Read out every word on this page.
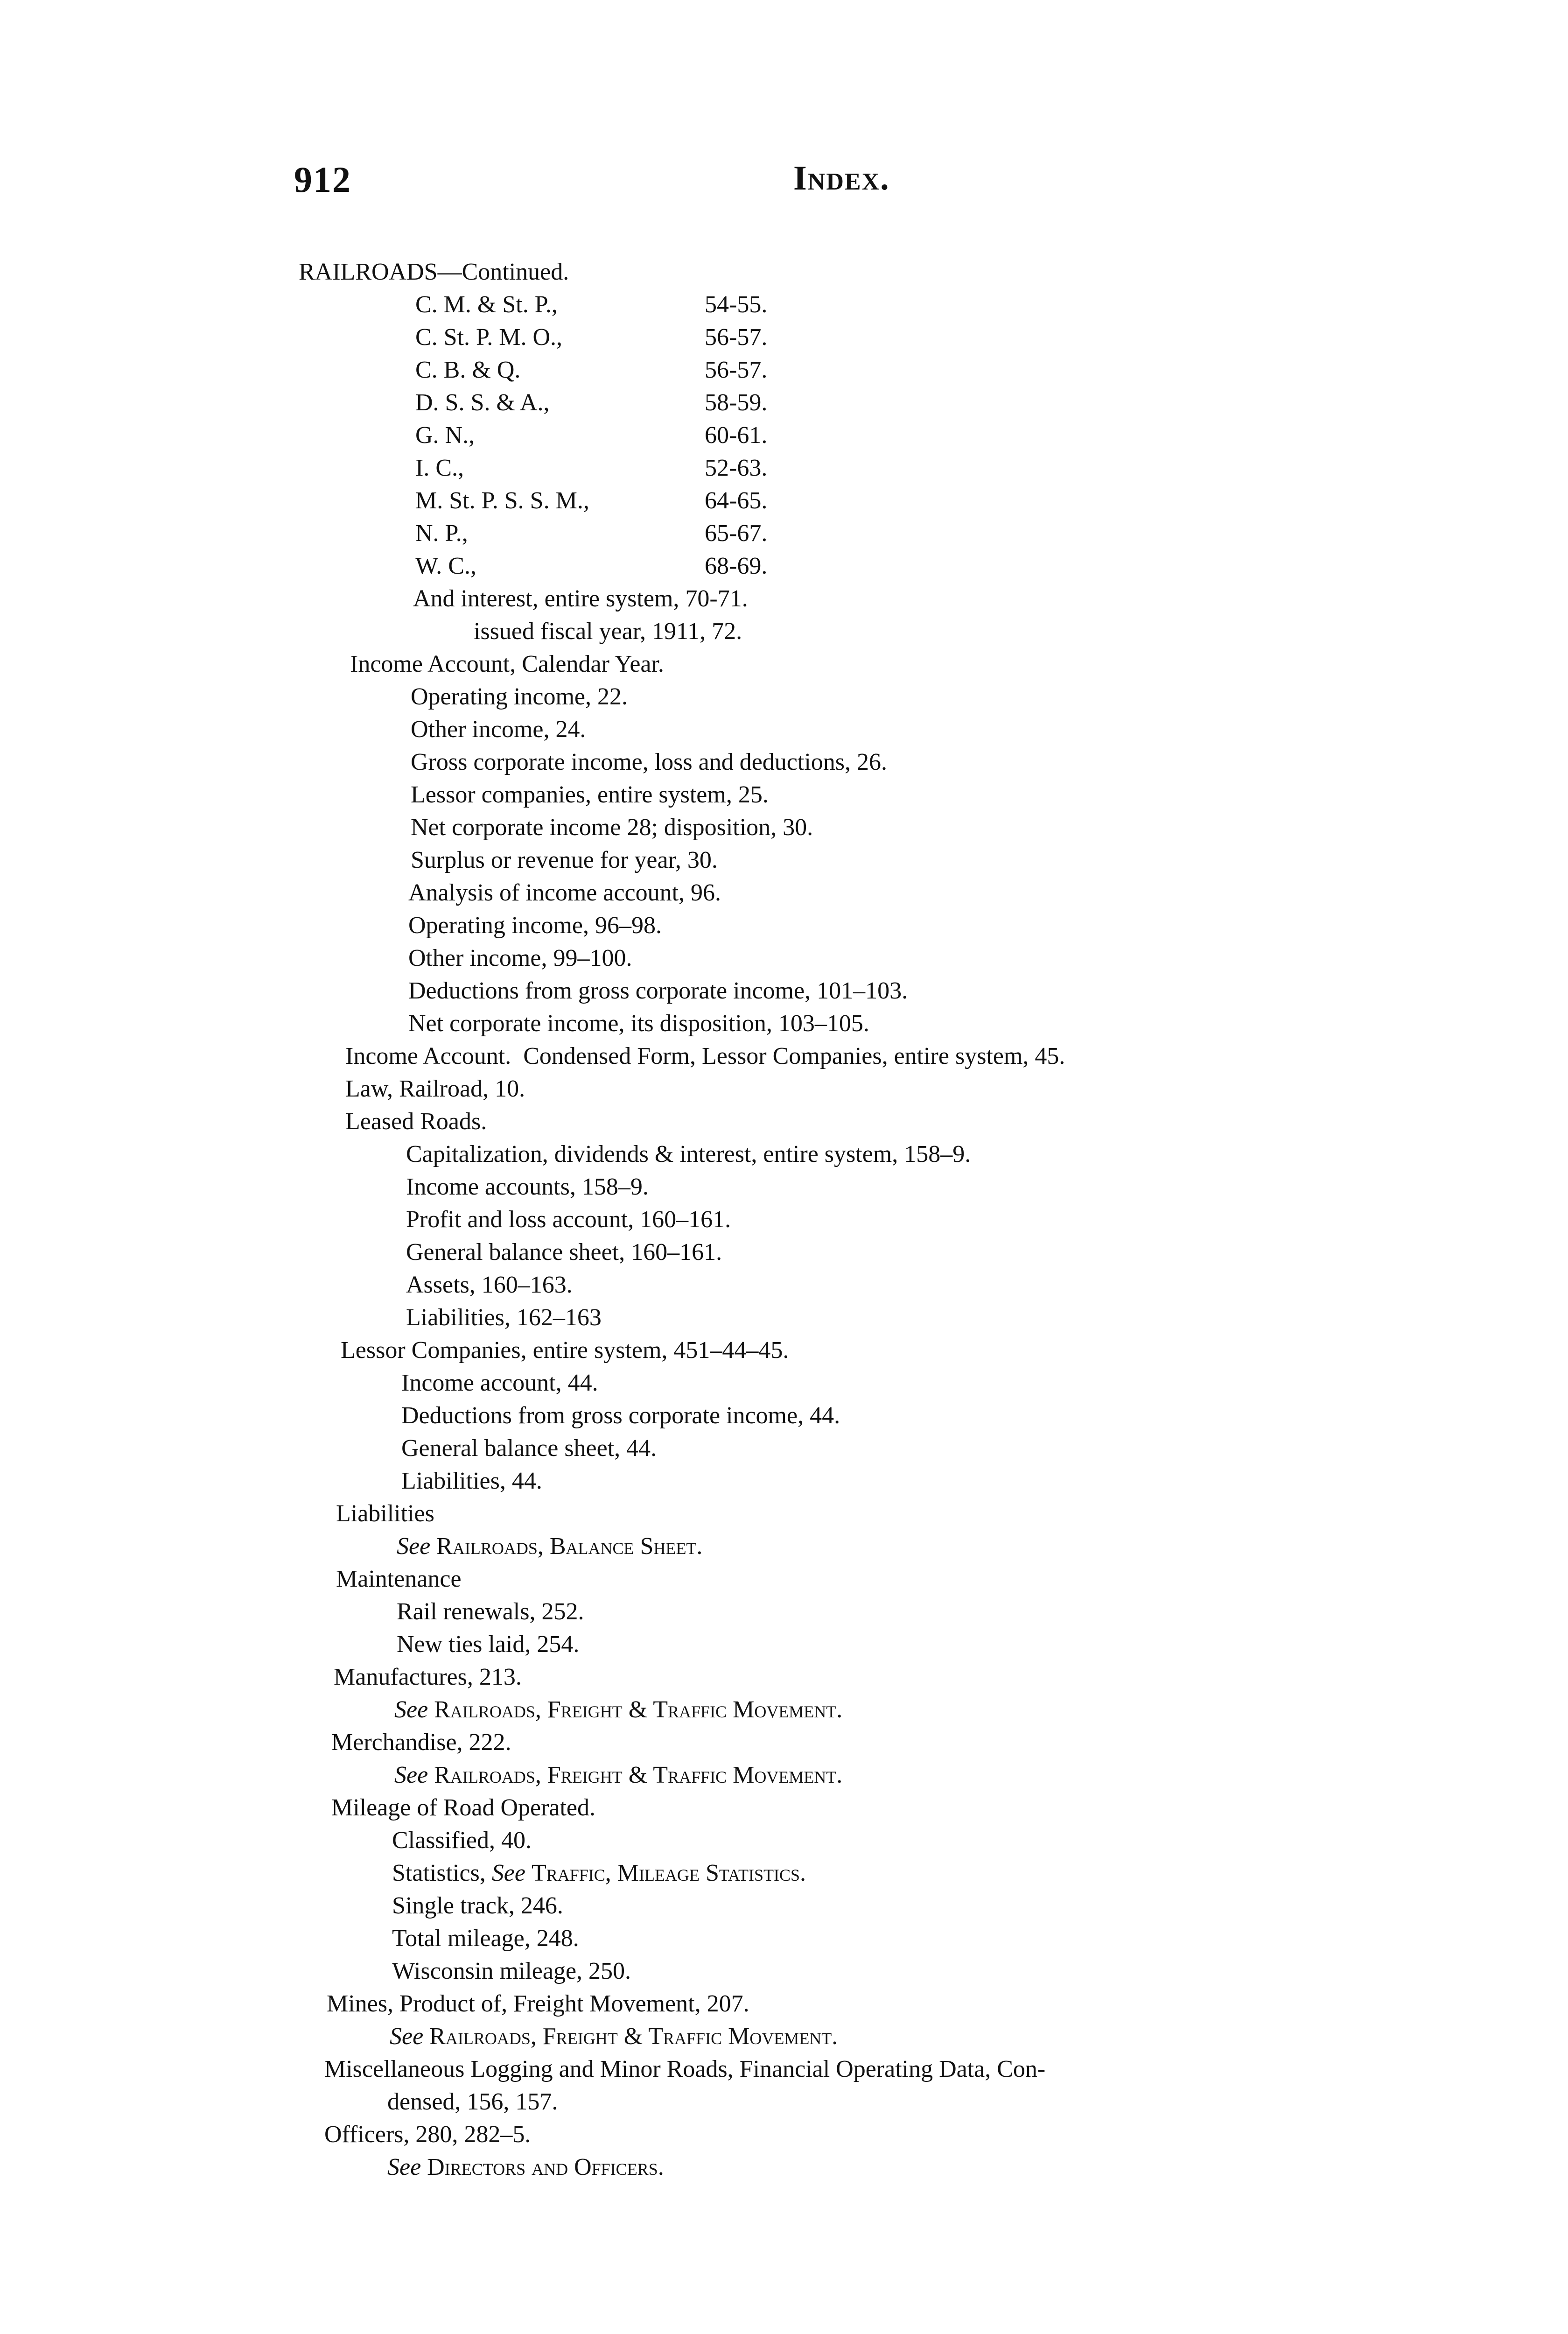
912	Index.
RAILROADS—Continued.
C. M. & St. P.,	54-55.
C. St. P. M. O.,	56-57.
C. B. & Q.	56-57.
D. S. S. & A.,	58-59.
G. N.,	60-61.
I. C.,	52-63.
M. St. P. S. S. M.,	64-65.
N. P.,	65-67.
W. C.,	68-69.
And interest, entire system, 70-71.
issued fiscal year, 1911, 72.
Income Account, Calendar Year.
Operating income, 22.
Other income, 24.
Gross corporate income, loss and deductions, 26.
Lessor companies, entire system, 25.
Net corporate income 28; disposition, 30.
Surplus or revenue for year, 30.
Analysis of income account, 96.
Operating income, 96–98.
Other income, 99–100.
Deductions from gross corporate income, 101–103.
Net corporate income, its disposition, 103–105.
Income Account.  Condensed Form, Lessor Companies, entire system, 45.
Law, Railroad, 10.
Leased Roads.
Capitalization, dividends & interest, entire system, 158–9.
Income accounts, 158–9.
Profit and loss account, 160–161.
General balance sheet, 160–161.
Assets, 160–163.
Liabilities, 162–163
Lessor Companies, entire system, 451–44–45.
Income account, 44.
Deductions from gross corporate income, 44.
General balance sheet, 44.
Liabilities, 44.
Liabilities
See Railroads, Balance Sheet.
Maintenance
Rail renewals, 252.
New ties laid, 254.
Manufactures, 213.
See Railroads, Freight & Traffic Movement.
Merchandise, 222.
See Railroads, Freight & Traffic Movement.
Mileage of Road Operated.
Classified, 40.
Statistics, See Traffic, Mileage Statistics.
Single track, 246.
Total mileage, 248.
Wisconsin mileage, 250.
Mines, Product of, Freight Movement, 207.
See Railroads, Freight & Traffic Movement.
Miscellaneous Logging and Minor Roads, Financial Operating Data, Con-
densed, 156, 157.
Officers, 280, 282–5.
See Directors and Officers.
